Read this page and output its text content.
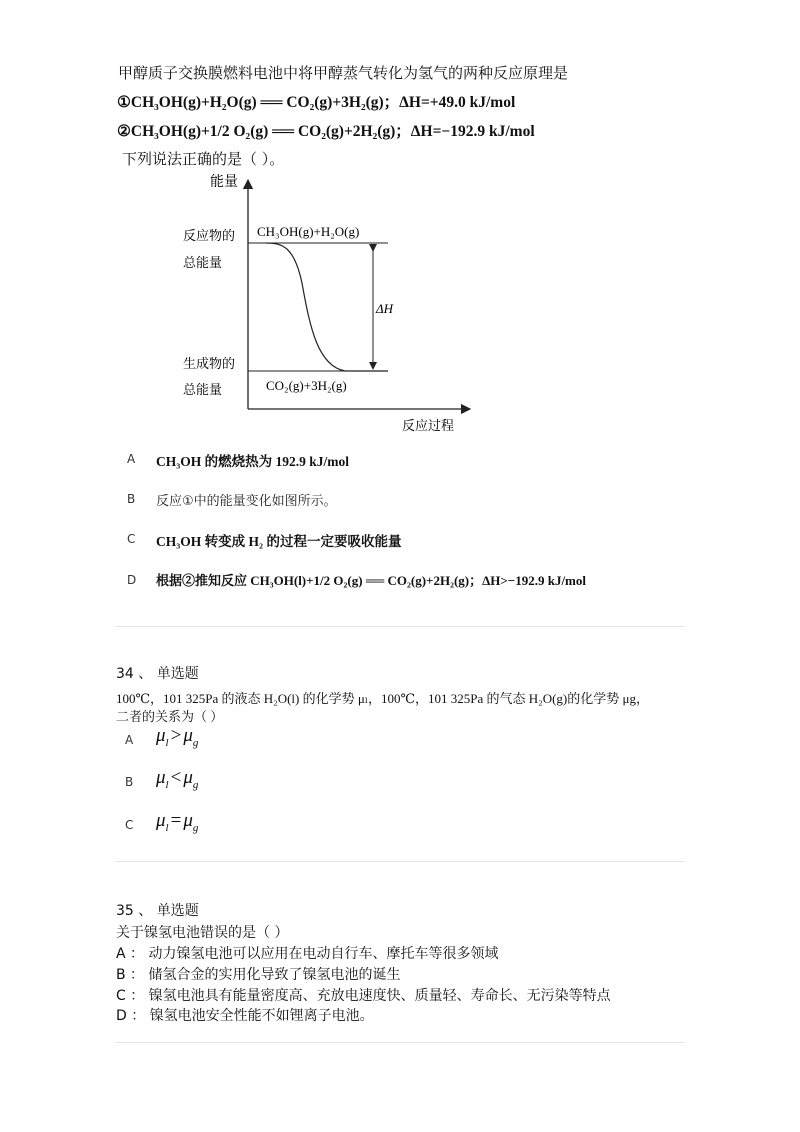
甲醇质子交换膜燃料电池中将甲醇蒸气转化为氢气的两种反应原理是
①CH₃OH(g)+H₂O(g) ══ CO₂(g)+3H₂(g)；ΔH=+49.0 kJ/mol
②CH₃OH(g)+1/2 O₂(g) ══ CO₂(g)+2H₂(g)；ΔH=−192.9 kJ/mol
下列说法正确的是（ ）。
能量
反应物的
总能量
生成物的
总能量
CH₃OH(g)+H₂O(g)
CO₂(g)+3H₂(g)
ΔH
反应过程
A CH₃OH 的燃烧热为 192.9 kJ/mol
B 反应①中的能量变化如图所示。
C CH₃OH 转变成 H₂ 的过程一定要吸收能量
D 根据②推知反应 CH₃OH(l)+1/2 O₂(g) ══ CO₂(g)+2H₂(g)；ΔH>−192.9 kJ/mol
34 、 单选题
100℃，101 325Pa 的液态 H₂O(l) 的化学势 μₗ，100℃，101 325Pa 的气态 H₂O(g)的化学势 μg，
二者的关系为（ ）
A $\mu_l > \mu_g$
B $\mu_l < \mu_g$
C $\mu_l = \mu_g$
35 、 单选题
关于镍氢电池错误的是（ ）
A ： 动力镍氢电池可以应用在电动自行车、摩托车等很多领域
B ： 储氢合金的实用化导致了镍氢电池的诞生
C ： 镍氢电池具有能量密度高、充放电速度快、质量轻、寿命长、无污染等特点
D ： 镍氢电池安全性能不如锂离子电池。
